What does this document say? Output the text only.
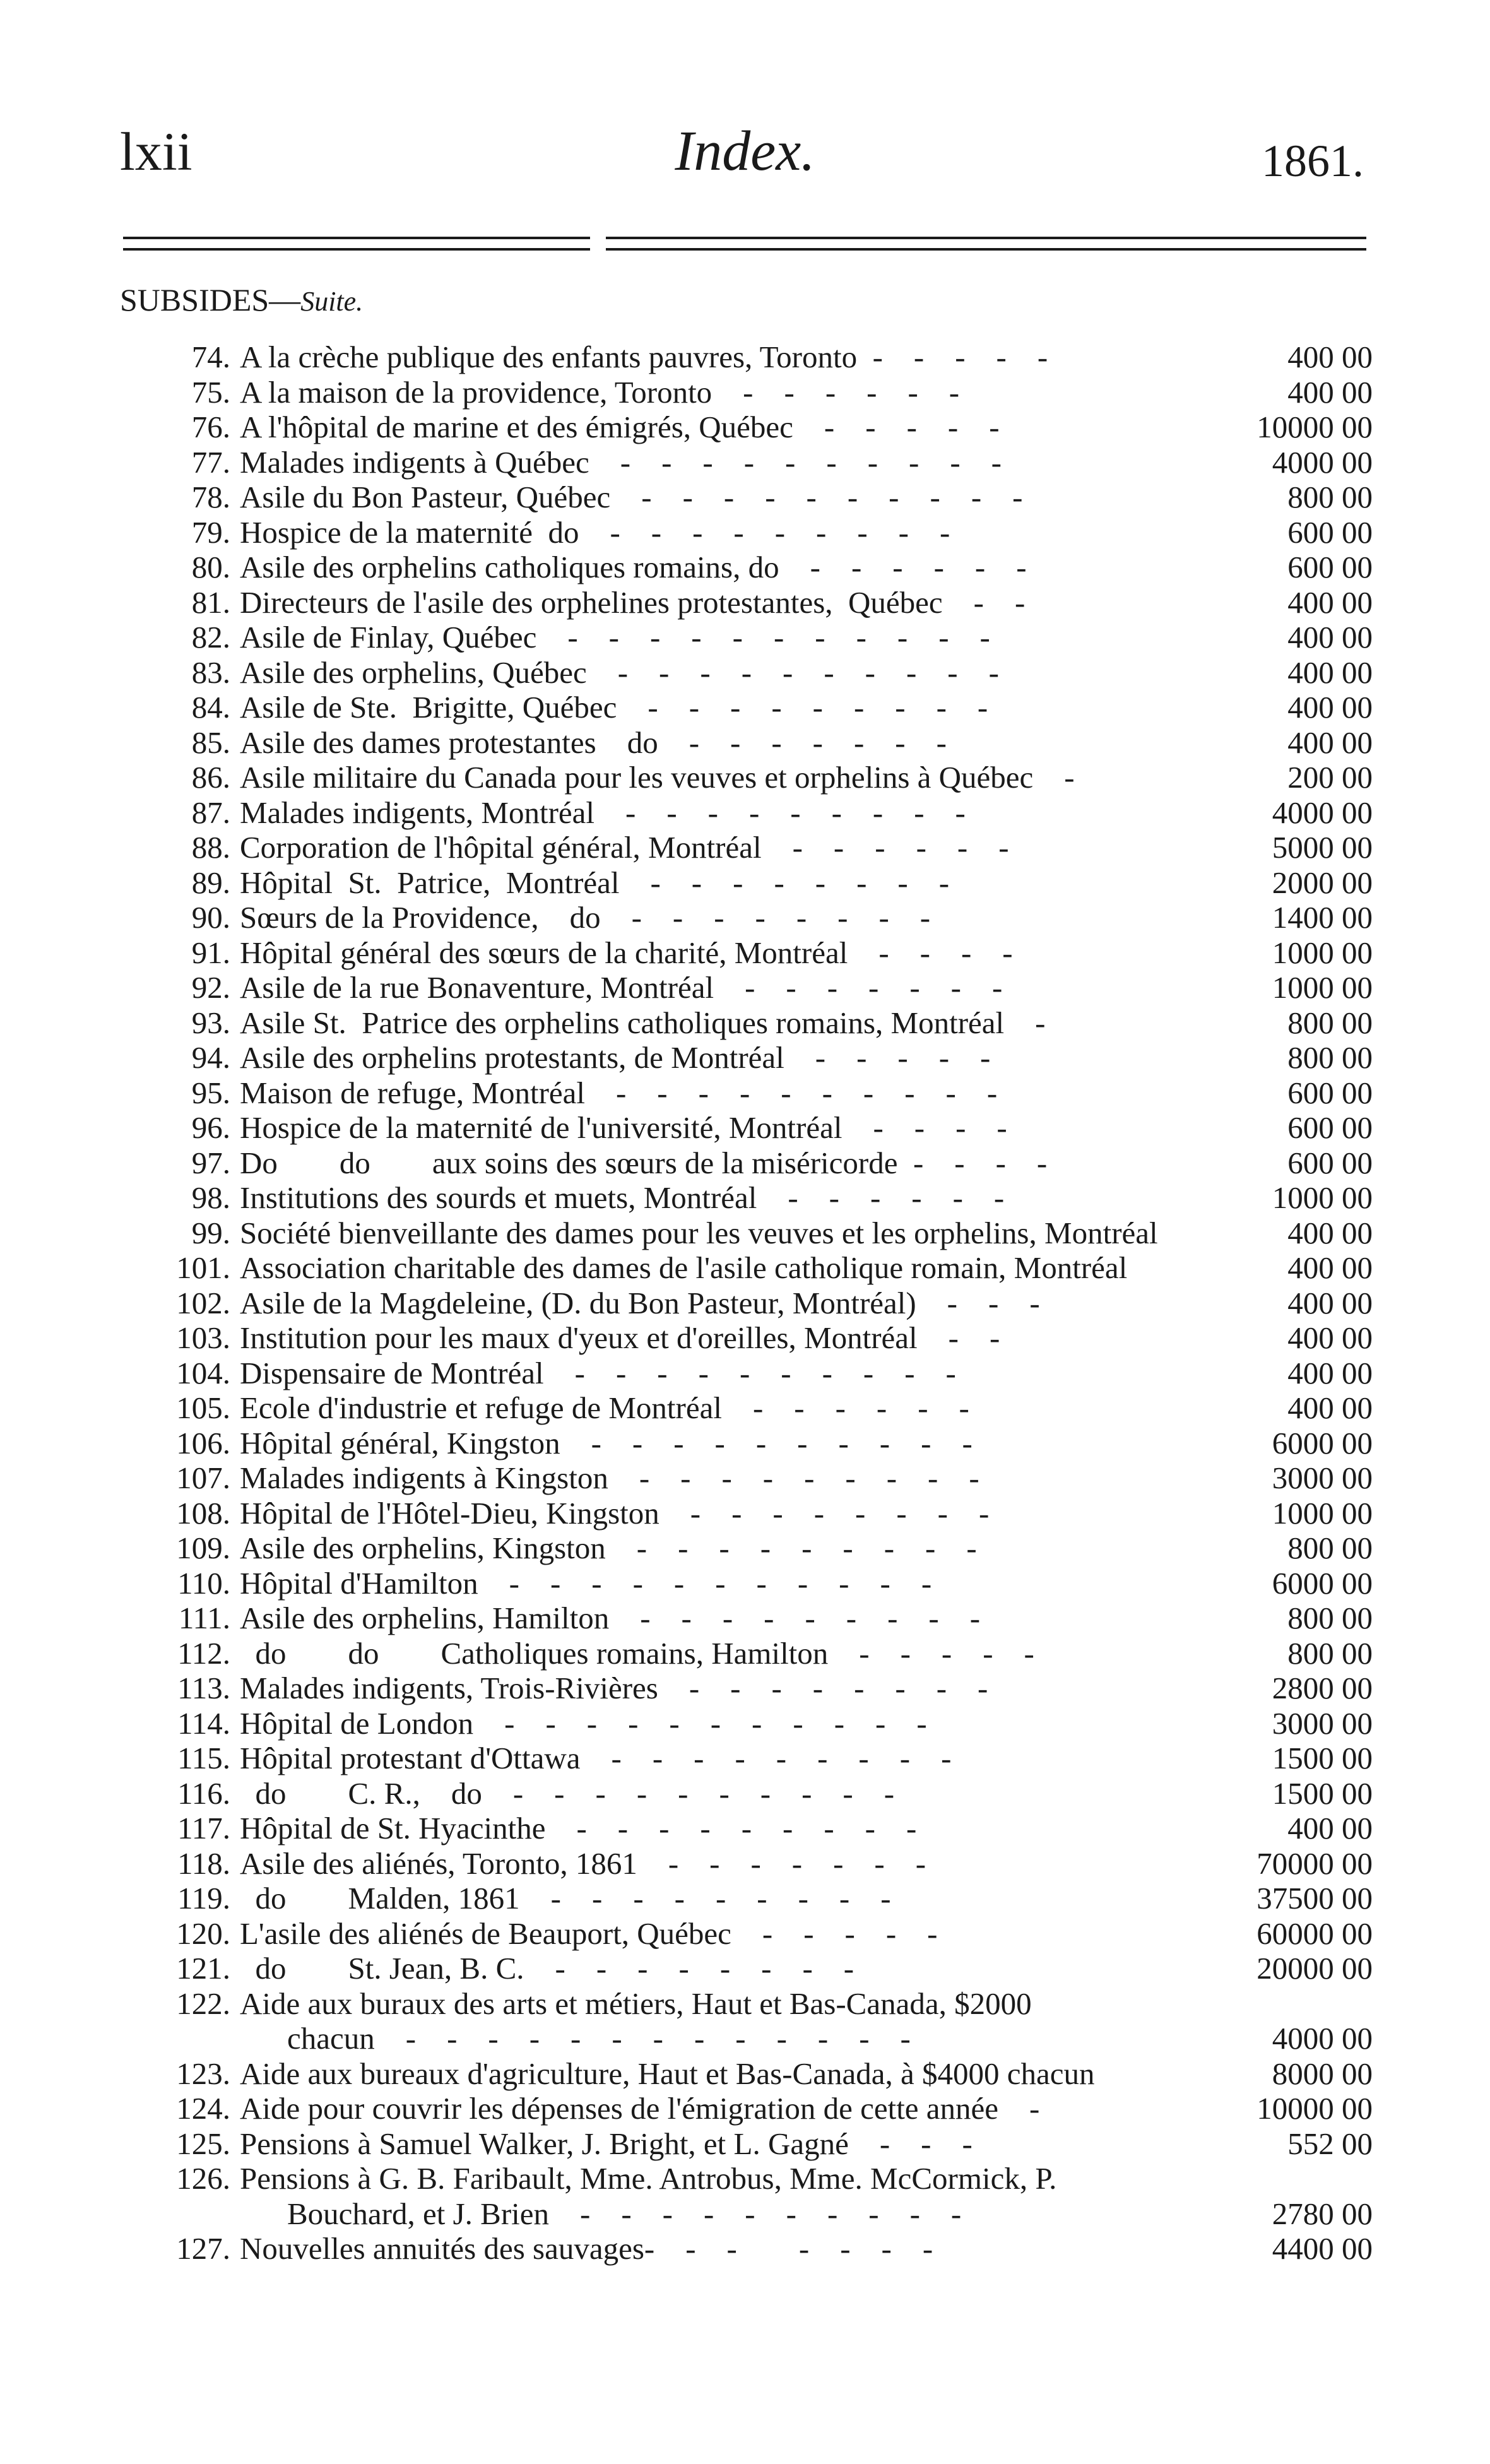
lxii	Index.	1861.
SUBSIDES—Suite.
74. A la crèche publique des enfants pauvres, Toronto  -    -    -    -    -	400 00
75. A la maison de la providence, Toronto    -    -    -    -    -    -	400 00
76. A l'hôpital de marine et des émigrés, Québec    -    -    -    -    -	10000 00
77. Malades indigents à Québec    -    -    -    -    -    -    -    -    -    -	4000 00
78. Asile du Bon Pasteur, Québec    -    -    -    -    -    -    -    -    -    -	800 00
79. Hospice de la maternité  do    -    -    -    -    -    -    -    -    -	600 00
80. Asile des orphelins catholiques romains, do    -    -    -    -    -    -	600 00
81. Directeurs de l'asile des orphelines protestantes,  Québec    -    -	400 00
82. Asile de Finlay, Québec    -    -    -    -    -    -    -    -    -    -    -	400 00
83. Asile des orphelins, Québec    -    -    -    -    -    -    -    -    -    -	400 00
84. Asile de Ste.  Brigitte, Québec    -    -    -    -    -    -    -    -    -	400 00
85. Asile des dames protestantes    do    -    -    -    -    -    -    -	400 00
86. Asile militaire du Canada pour les veuves et orphelins à Québec    -	200 00
87. Malades indigents, Montréal    -    -    -    -    -    -    -    -    -	4000 00
88. Corporation de l'hôpital général, Montréal    -    -    -    -    -    -	5000 00
89. Hôpital  St.  Patrice,  Montréal    -    -    -    -    -    -    -    -	2000 00
90. Sœurs de la Providence,    do    -    -    -    -    -    -    -    -	1400 00
91. Hôpital général des sœurs de la charité, Montréal    -    -    -    -	1000 00
92. Asile de la rue Bonaventure, Montréal    -    -    -    -    -    -    -	1000 00
93. Asile St.  Patrice des orphelins catholiques romains, Montréal    -	800 00
94. Asile des orphelins protestants, de Montréal    -    -    -    -    -	800 00
95. Maison de refuge, Montréal    -    -    -    -    -    -    -    -    -    -	600 00
96. Hospice de la maternité de l'université, Montréal    -    -    -    -	600 00
97. Do        do        aux soins des sœurs de la miséricorde  -    -    -    -	600 00
98. Institutions des sourds et muets, Montréal    -    -    -    -    -    -	1000 00
99. Société bienveillante des dames pour les veuves et les orphelins, Montréal	400 00
101. Association charitable des dames de l'asile catholique romain, Montréal	400 00
102. Asile de la Magdeleine, (D. du Bon Pasteur, Montréal)    -    -    -	400 00
103. Institution pour les maux d'yeux et d'oreilles, Montréal    -    -	400 00
104. Dispensaire de Montréal    -    -    -    -    -    -    -    -    -    -	400 00
105. Ecole d'industrie et refuge de Montréal    -    -    -    -    -    -	400 00
106. Hôpital général, Kingston    -    -    -    -    -    -    -    -    -    -	6000 00
107. Malades indigents à Kingston    -    -    -    -    -    -    -    -    -	3000 00
108. Hôpital de l'Hôtel-Dieu, Kingston    -    -    -    -    -    -    -    -	1000 00
109. Asile des orphelins, Kingston    -    -    -    -    -    -    -    -    -	800 00
110. Hôpital d'Hamilton    -    -    -    -    -    -    -    -    -    -    -	6000 00
111. Asile des orphelins, Hamilton    -    -    -    -    -    -    -    -    -	800 00
112. do        do        Catholiques romains, Hamilton    -    -    -    -    -	800 00
113. Malades indigents, Trois-Rivières    -    -    -    -    -    -    -    -	2800 00
114. Hôpital de London    -    -    -    -    -    -    -    -    -    -    -	3000 00
115. Hôpital protestant d'Ottawa    -    -    -    -    -    -    -    -    -	1500 00
116. do        C. R.,    do    -    -    -    -    -    -    -    -    -    -	1500 00
117. Hôpital de St. Hyacinthe    -    -    -    -    -    -    -    -    -	400 00
118. Asile des aliénés, Toronto, 1861    -    -    -    -    -    -    -	70000 00
119. do        Malden, 1861    -    -    -    -    -    -    -    -    -	37500 00
120. L'asile des aliénés de Beauport, Québec    -    -    -    -    -	60000 00
121. do        St. Jean, B. C.    -    -    -    -    -    -    -    -	20000 00
122. Aide aux buraux des arts et métiers, Haut et Bas-Canada, $2000
chacun    -    -    -    -    -    -    -    -    -    -    -    -    -	4000 00
123. Aide aux bureaux d'agriculture, Haut et Bas-Canada, à $4000 chacun	8000 00
124. Aide pour couvrir les dépenses de l'émigration de cette année    -	10000 00
125. Pensions à Samuel Walker, J. Bright, et L. Gagné    -    -    -	552 00
126. Pensions à G. B. Faribault, Mme. Antrobus, Mme. McCormick, P.
Bouchard, et J. Brien    -    -    -    -    -    -    -    -    -    -	2780 00
127. Nouvelles annuités des sauvages-    -    -        -    -    -    -	4400 00
